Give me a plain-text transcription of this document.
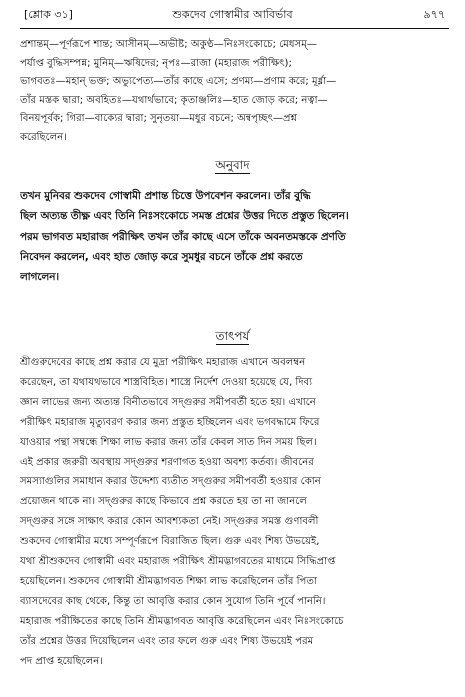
[শ্লোক ৩১]	শুকদেব গোস্বামীর আবির্ভাব	৯৭৭
প্রশান্তম্—পূর্ণরূপে শান্ত; আসীনম্—অভীষ্ট; অকুণ্ঠ—নিঃসংকোচে; মেধসম্—
পর্যাপ্ত বুদ্ধিসম্পন্ন; মুনিম্—ঋষিদের; নৃপঃ—রাজা (মহারাজ পরীক্ষিৎ);
ভাগবতঃ—মহান্ ভক্ত; অভ্যুপেত্য—তাঁর কাছে এসে; প্রণম্য—প্রণাম করে; মূর্ধ্না—
তাঁর মস্তক দ্বারা; অবহিতঃ—যথার্থভাবে; কৃতাঞ্জলিঃ—হাত জোড় করে; নত্বা—
বিনয়পূর্বক; গিরা—বাক্যের দ্বারা; সুনৃতয়া—মধুর বচনে; অন্বপৃচ্ছৎ—প্রশ্ন
করেছিলেন।
অনুবাদ
তখন মুনিবর শুকদেব গোস্বামী প্রশান্ত চিত্তে উপবেশন করলেন। তাঁর বুদ্ধি
ছিল অত্যন্ত তীক্ষ্ণ এবং তিনি নিঃসংকোচে সমস্ত প্রশ্নের উত্তর দিতে প্রস্তুত ছিলেন।
পরম ভাগবত মহারাজ পরীক্ষিৎ তখন তাঁর কাছে এসে তাঁকে অবনতমস্তকে প্রণতি
নিবেদন করলেন, এবং হাত জোড় করে সুমধুর বচনে তাঁকে প্রশ্ন করতে
লাগলেন।
তাৎপর্য
শ্রীগুরুদেবের কাছে প্রশ্ন করার যে মুদ্রা পরীক্ষিৎ মহারাজ এখানে অবলম্বন
করেছেন, তা যথাযথভাবে শাস্ত্রবিহিত। শাস্ত্রে নির্দেশ দেওয়া হয়েছে যে, দিব্য
জ্ঞান লাভের জন্য অত্যন্ত বিনীতভাবে সদ্গুরুর সমীপবর্তী হতে হয়। এখানে
পরীক্ষিৎ মহারাজ মৃত্যুবরণ করার জন্য প্রস্তুত হচ্ছিলেন এবং ভগবদ্ধামে ফিরে
যাওয়ার পন্থা সম্বন্ধে শিক্ষা লাভ করার জন্য তাঁর কেবল সাত দিন সময় ছিল।
এই প্রকার জরুরী অবস্থায় সদ্গুরুর শরণাগত হওয়া অবশ্য কর্তব্য। জীবনের
সমস্যাগুলির সমাধান করার উদ্দেশ্য ব্যতীত সদ্গুরুর সমীপবর্তী হওয়ার কোন
প্রয়োজন থাকে না। সদ্গুরুর কাছে কিভাবে প্রশ্ন করতে হয় তা না জানলে
সদ্গুরুর সঙ্গে সাক্ষাৎ করার কোন আবশ্যকতা নেই। সদ্গুরুর সমস্ত গুণাবলী
শুকদেব গোস্বামীর মধ্যে সম্পূর্ণরূপে বিরাজিত ছিল। গুরু এবং শিষ্য উভয়েই,
যথা শ্রীশুকদেব গোস্বামী এবং মহারাজ পরীক্ষিৎ শ্রীমদ্ভাগবতের মাধ্যমে সিদ্ধিপ্রাপ্ত
হয়েছিলেন। শুকদেব গোস্বামী শ্রীমদ্ভাগবত শিক্ষা লাভ করেছিলেন তাঁর পিতা
ব্যাসদেবের কাছ থেকে, কিন্তু তা আবৃত্তি করার কোন সুযোগ তিনি পূর্বে পাননি।
মহারাজ পরীক্ষিতের কাছে তিনি শ্রীমদ্ভাগবত আবৃত্তি করেছিলেন এবং নিঃসংকোচে
তাঁর প্রশ্নের উত্তর দিয়েছিলেন এবং তার ফলে গুরু এবং শিষ্য উভয়েই পরম
পদ প্রাপ্ত হয়েছিলেন।
